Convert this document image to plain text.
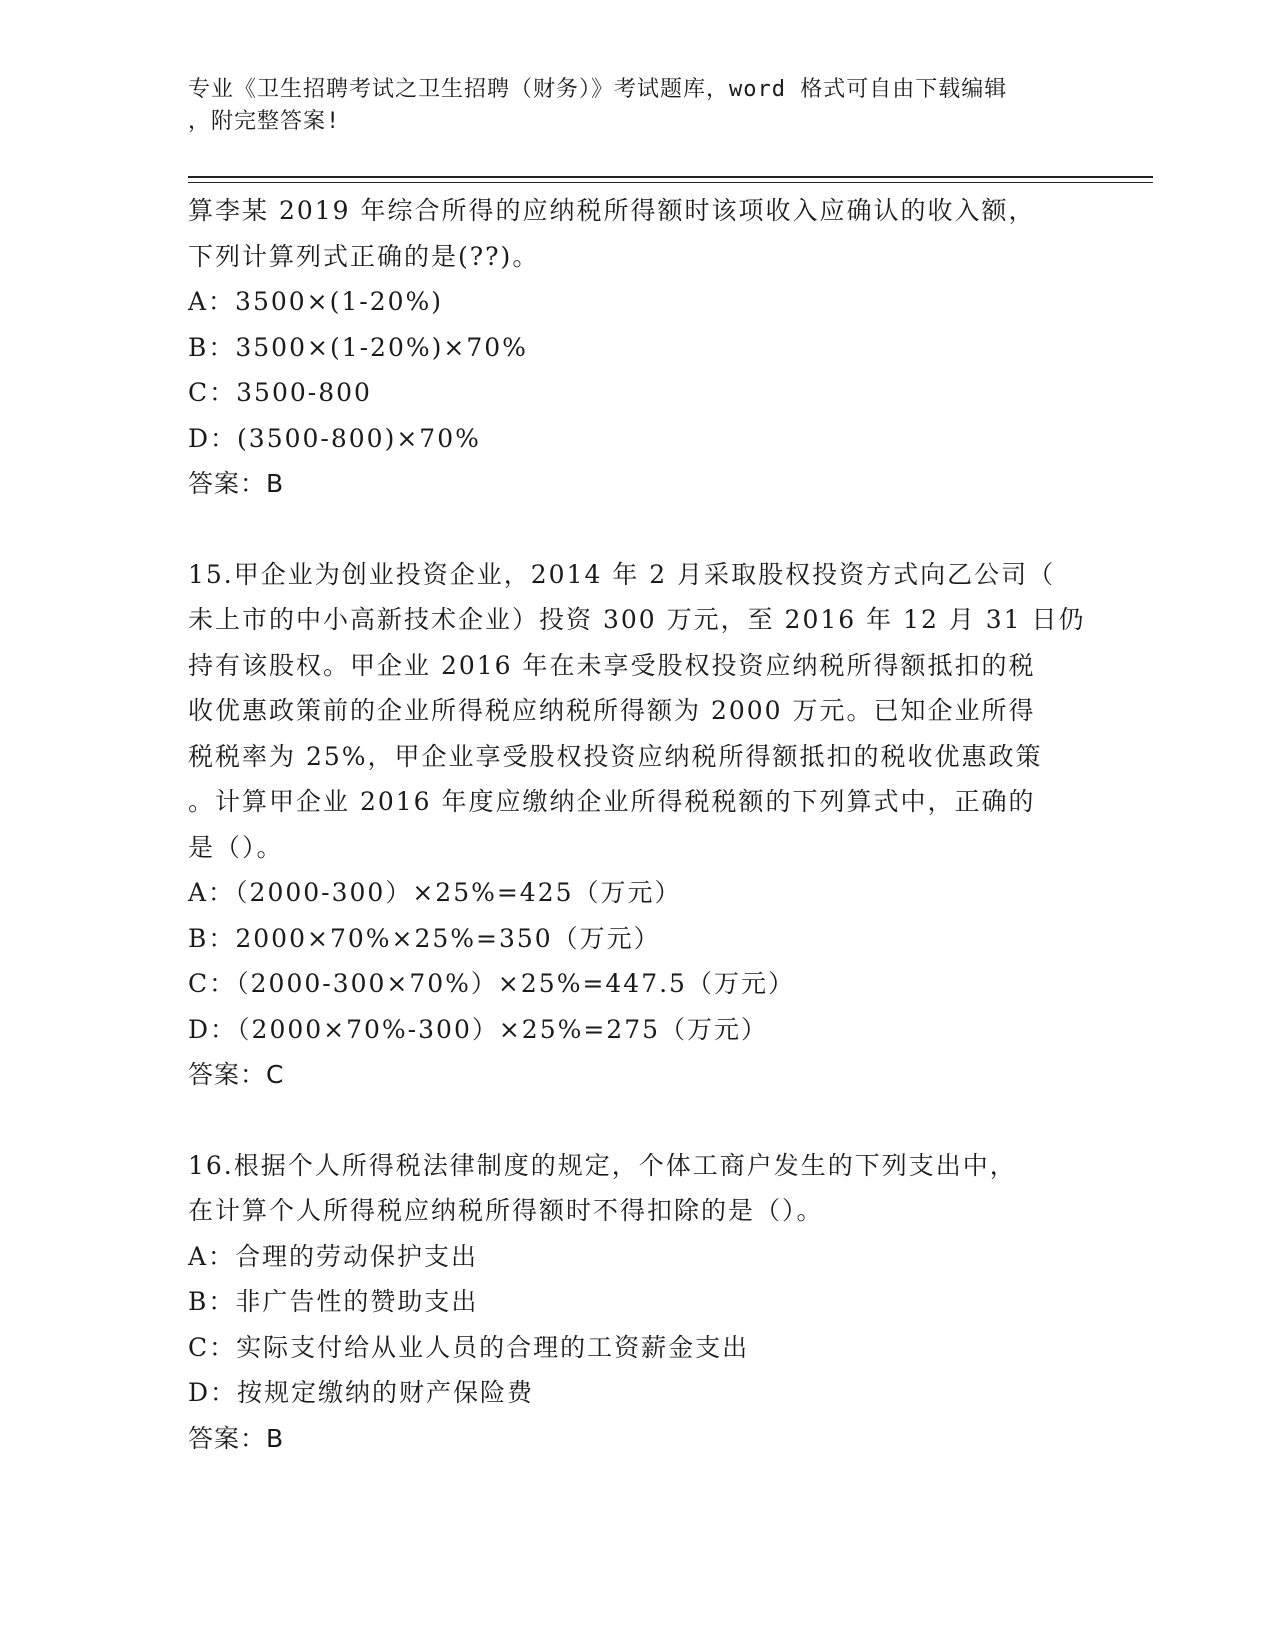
专业《卫生招聘考试之卫生招聘（财务）》考试题库，word 格式可自由下载编辑
，附完整答案!
算李某 2019 年综合所得的应纳税所得额时该项收入应确认的收入额，
下列计算列式正确的是(??)。
A：3500×(1-20%)
B：3500×(1-20%)×70%
C：3500-800
D：(3500-800)×70%
答案：B
15.甲企业为创业投资企业，2014 年 2 月采取股权投资方式向乙公司（
未上市的中小高新技术企业）投资 300 万元，至 2016 年 12 月 31 日仍
持有该股权。甲企业 2016 年在未享受股权投资应纳税所得额抵扣的税
收优惠政策前的企业所得税应纳税所得额为 2000 万元。已知企业所得
税税率为 25%，甲企业享受股权投资应纳税所得额抵扣的税收优惠政策
。计算甲企业 2016 年度应缴纳企业所得税税额的下列算式中，正确的
是（）。
A：（2000-300）×25%=425（万元）
B：2000×70%×25%=350（万元）
C：（2000-300×70%）×25%=447.5（万元）
D：（2000×70%-300）×25%=275（万元）
答案：C
16.根据个人所得税法律制度的规定，个体工商户发生的下列支出中，
在计算个人所得税应纳税所得额时不得扣除的是（）。
A：合理的劳动保护支出
B：非广告性的赞助支出
C：实际支付给从业人员的合理的工资薪金支出
D：按规定缴纳的财产保险费
答案：B
